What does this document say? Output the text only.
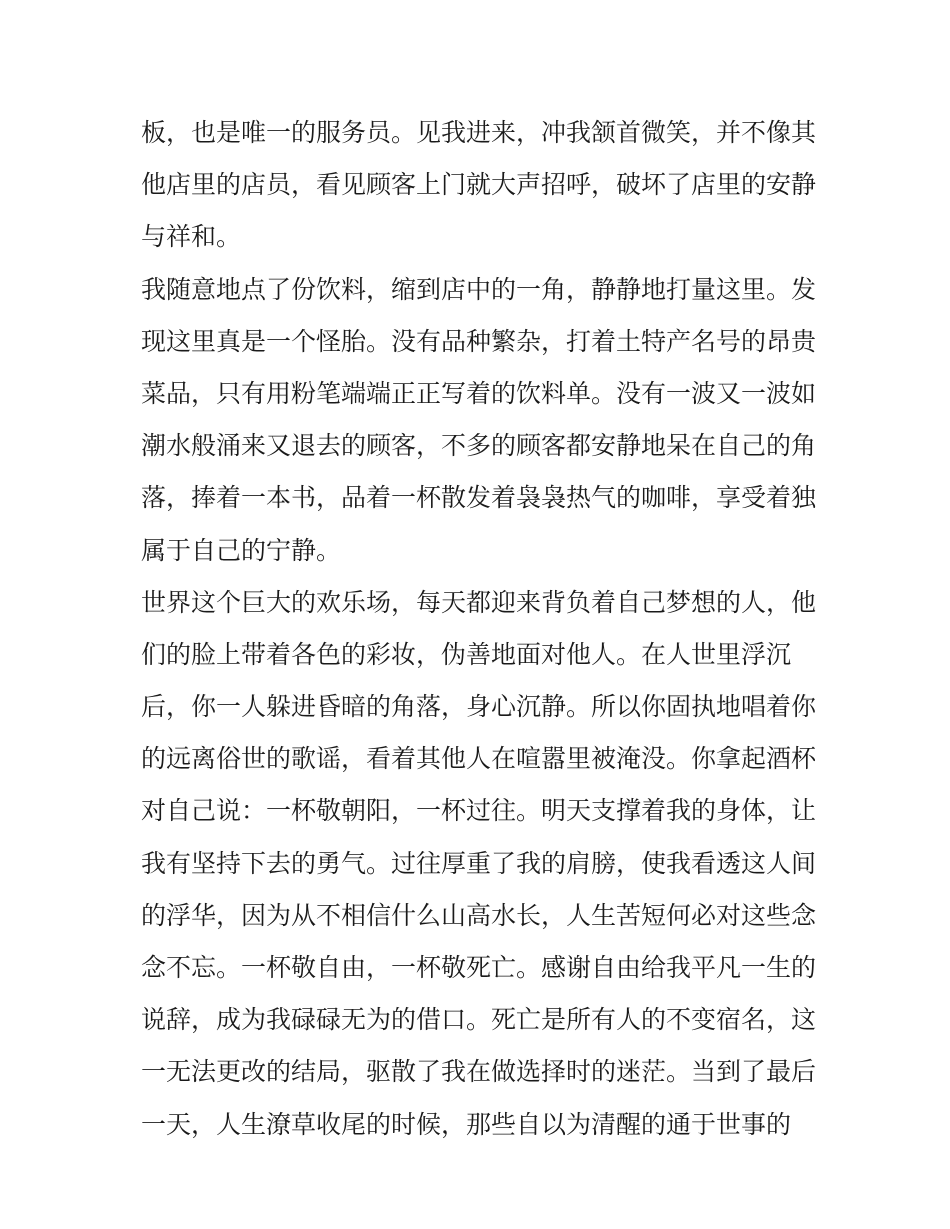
板，也是唯一的服务员。见我进来，冲我颔首微笑，并不像其
他店里的店员，看见顾客上门就大声招呼，破坏了店里的安静
与祥和。
我随意地点了份饮料，缩到店中的一角，静静地打量这里。发
现这里真是一个怪胎。没有品种繁杂，打着土特产名号的昂贵
菜品，只有用粉笔端端正正写着的饮料单。没有一波又一波如
潮水般涌来又退去的顾客，不多的顾客都安静地呆在自己的角
落，捧着一本书，品着一杯散发着袅袅热气的咖啡，享受着独
属于自己的宁静。
世界这个巨大的欢乐场，每天都迎来背负着自己梦想的人，他
们的脸上带着各色的彩妆，伪善地面对他人。在人世里浮沉
后，你一人躲进昏暗的角落，身心沉静。所以你固执地唱着你
的远离俗世的歌谣，看着其他人在喧嚣里被淹没。你拿起酒杯
对自己说：一杯敬朝阳，一杯过往。明天支撑着我的身体，让
我有坚持下去的勇气。过往厚重了我的肩膀，使我看透这人间
的浮华，因为从不相信什么山高水长，人生苦短何必对这些念
念不忘。一杯敬自由，一杯敬死亡。感谢自由给我平凡一生的
说辞，成为我碌碌无为的借口。死亡是所有人的不变宿名，这
一无法更改的结局，驱散了我在做选择时的迷茫。当到了最后
一天，人生潦草收尾的时候，那些自以为清醒的通于世事的
